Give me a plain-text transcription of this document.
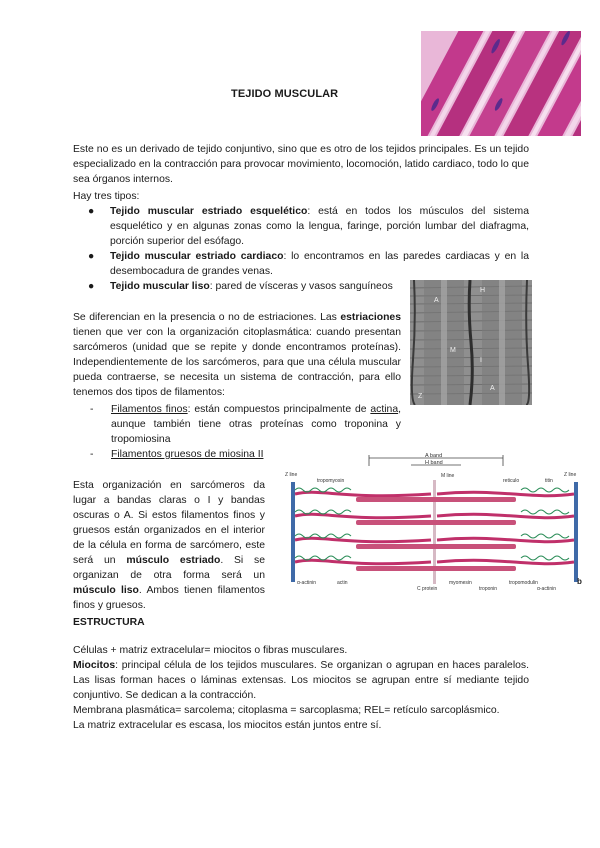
TEJIDO MUSCULAR
Este no es un derivado de tejido conjuntivo, sino que es otro de los tejidos principales. Es un tejido especializado en la contracción para provocar movimiento, locomoción, latido cardiaco, todo lo que sea órganos internos.
Hay tres tipos:
● Tejido muscular estriado esquelético: está en todos los músculos del sistema esquelético y en algunas zonas como la lengua, faringe, porción lumbar del diafragma, porción superior del esófago.
● Tejido muscular estriado cardiaco: lo encontramos en las paredes cardiacas y en la desembocadura de grandes venas.
● Tejido muscular liso: pared de vísceras y vasos sanguíneos	H
A
I
A
M
Z
Se diferencian en la presencia o no de estriaciones. Las estriaciones tienen que ver con la organización citoplasmática: cuando presentan sarcómeros (unidad que se repite y donde encontramos proteínas). Independientemente de los sarcómeros, para que una célula muscular pueda contraerse, se necesita un sistema de contracción, para ello tenemos dos tipos de filamentos:
- Filamentos finos: están compuestos principalmente de actina, aunque también tiene otras proteínas como troponina y tropomiosina
- Filamentos gruesos de miosina II
Esta organización en sarcómeros da lugar a bandas claras o I y bandas oscuras o A. Si estos filamentos finos y gruesos están organizados en el interior de la célula en forma de sarcómero, este será un músculo estriado. Si se organizan de otra forma será un músculo liso. Ambos tienen filamentos finos y gruesos.
A band
H band
Z line	Z line
M line
tropomyosin	reticulo	titin
α-actinin	actin
C protein
myomesin
troponin
tropomodulin
α-actinin
b
ESTRUCTURA

Células + matriz extracelular= miocitos o fibras musculares.

Miocitos: principal célula de los tejidos musculares. Se organizan o agrupan en haces paralelos. Las lisas forman haces o láminas extensas. Los miocitos se agrupan entre sí mediante tejido conjuntivo. Se dedican a la contracción.

Membrana plasmática= sarcolema; citoplasma = sarcoplasma; REL= retículo sarcoplásmico.

La matriz extracelular es escasa, los miocitos están juntos entre sí.
